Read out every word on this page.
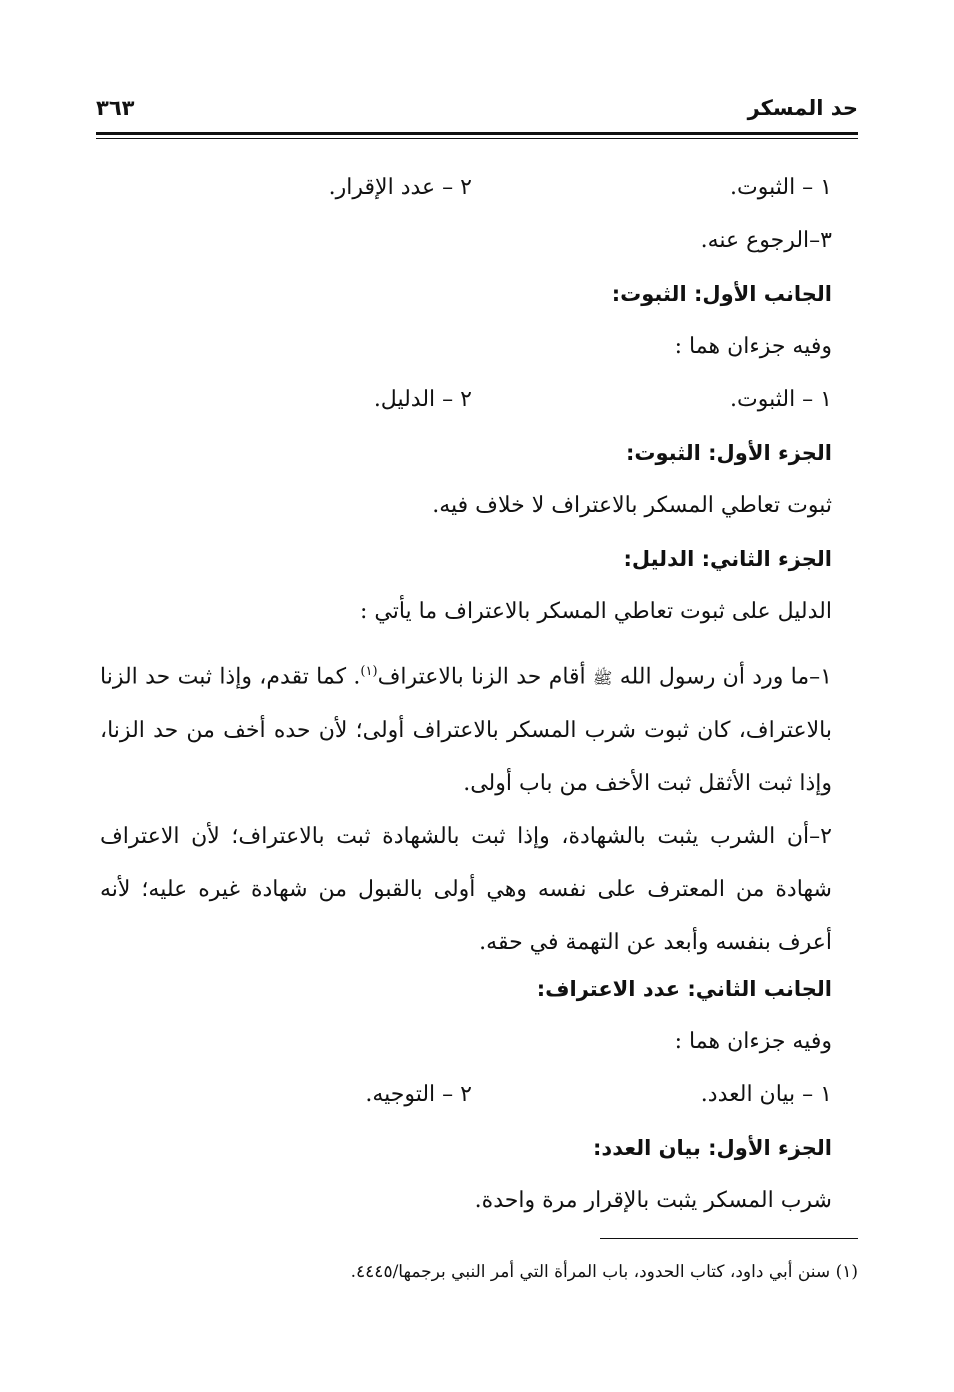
حد المسكر
٣٦٣
١ – الثبوت.
٢ – عدد الإقرار.
٣–الرجوع عنه.
الجانب الأول: الثبوت:
وفيه جزءان هما :
١ – الثبوت.
٢ – الدليل.
الجزء الأول: الثبوت:
ثبوت تعاطي المسكر بالاعتراف لا خلاف فيه.
الجزء الثاني: الدليل:
الدليل على ثبوت تعاطي المسكر بالاعتراف ما يأتي :
١–ما ورد أن رسول الله ﷺ أقام حد الزنا بالاعتراف$^{(١)}$. كما تقدم، وإذا ثبت حد الزنا بالاعتراف، كان ثبوت شرب المسكر بالاعتراف أولى؛ لأن حده أخف من حد الزنا، وإذا ثبت الأثقل ثبت الأخف من باب أولى.
٢–أن الشرب يثبت بالشهادة، وإذا ثبت بالشهادة ثبت بالاعتراف؛ لأن الاعتراف شهادة من المعترف على نفسه وهي أولى بالقبول من شهادة غيره عليه؛ لأنه أعرف بنفسه وأبعد عن التهمة في حقه.
الجانب الثاني: عدد الاعتراف:
وفيه جزءان هما :
١ – بيان العدد.
٢ – التوجيه.
الجزء الأول: بيان العدد:
شرب المسكر يثبت بالإقرار مرة واحدة.
(١) سنن أبي داود، كتاب الحدود، باب المرأة التي أمر النبي برجمها/٤٤٤٥.
